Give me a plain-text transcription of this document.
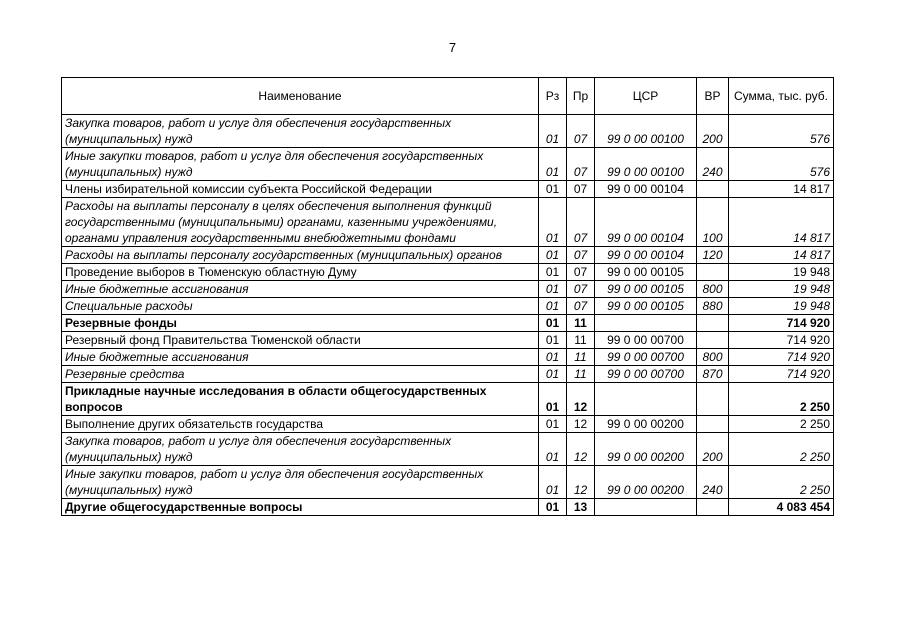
7
Наименование	Рз	Пр	ЦСР	ВР	Сумма, тыс. руб.
Закупка товаров, работ и услуг для обеспечения государственных (муниципальных) нужд	01	07	99 0 00 00100	200	576
Иные закупки товаров, работ и услуг для обеспечения государственных (муниципальных) нужд	01	07	99 0 00 00100	240	576
Члены избирательной комиссии субъекта Российской Федерации	01	07	99 0 00 00104		14 817
Расходы на выплаты персоналу в целях обеспечения выполнения функций государственными (муниципальными) органами, казенными учреждениями, органами управления государственными внебюджетными фондами	01	07	99 0 00 00104	100	14 817
Расходы на выплаты персоналу государственных (муниципальных) органов	01	07	99 0 00 00104	120	14 817
Проведение выборов в Тюменскую областную Думу	01	07	99 0 00 00105		19 948
Иные бюджетные ассигнования	01	07	99 0 00 00105	800	19 948
Специальные расходы	01	07	99 0 00 00105	880	19 948
Резервные фонды	01	11			714 920
Резервный фонд Правительства Тюменской области	01	11	99 0 00 00700		714 920
Иные бюджетные ассигнования	01	11	99 0 00 00700	800	714 920
Резервные средства	01	11	99 0 00 00700	870	714 920
Прикладные научные исследования в области общегосударственных вопросов	01	12			2 250
Выполнение других обязательств государства	01	12	99 0 00 00200		2 250
Закупка товаров, работ и услуг для обеспечения государственных (муниципальных) нужд	01	12	99 0 00 00200	200	2 250
Иные закупки товаров, работ и услуг для обеспечения государственных (муниципальных) нужд	01	12	99 0 00 00200	240	2 250
Другие общегосударственные вопросы	01	13			4 083 454
